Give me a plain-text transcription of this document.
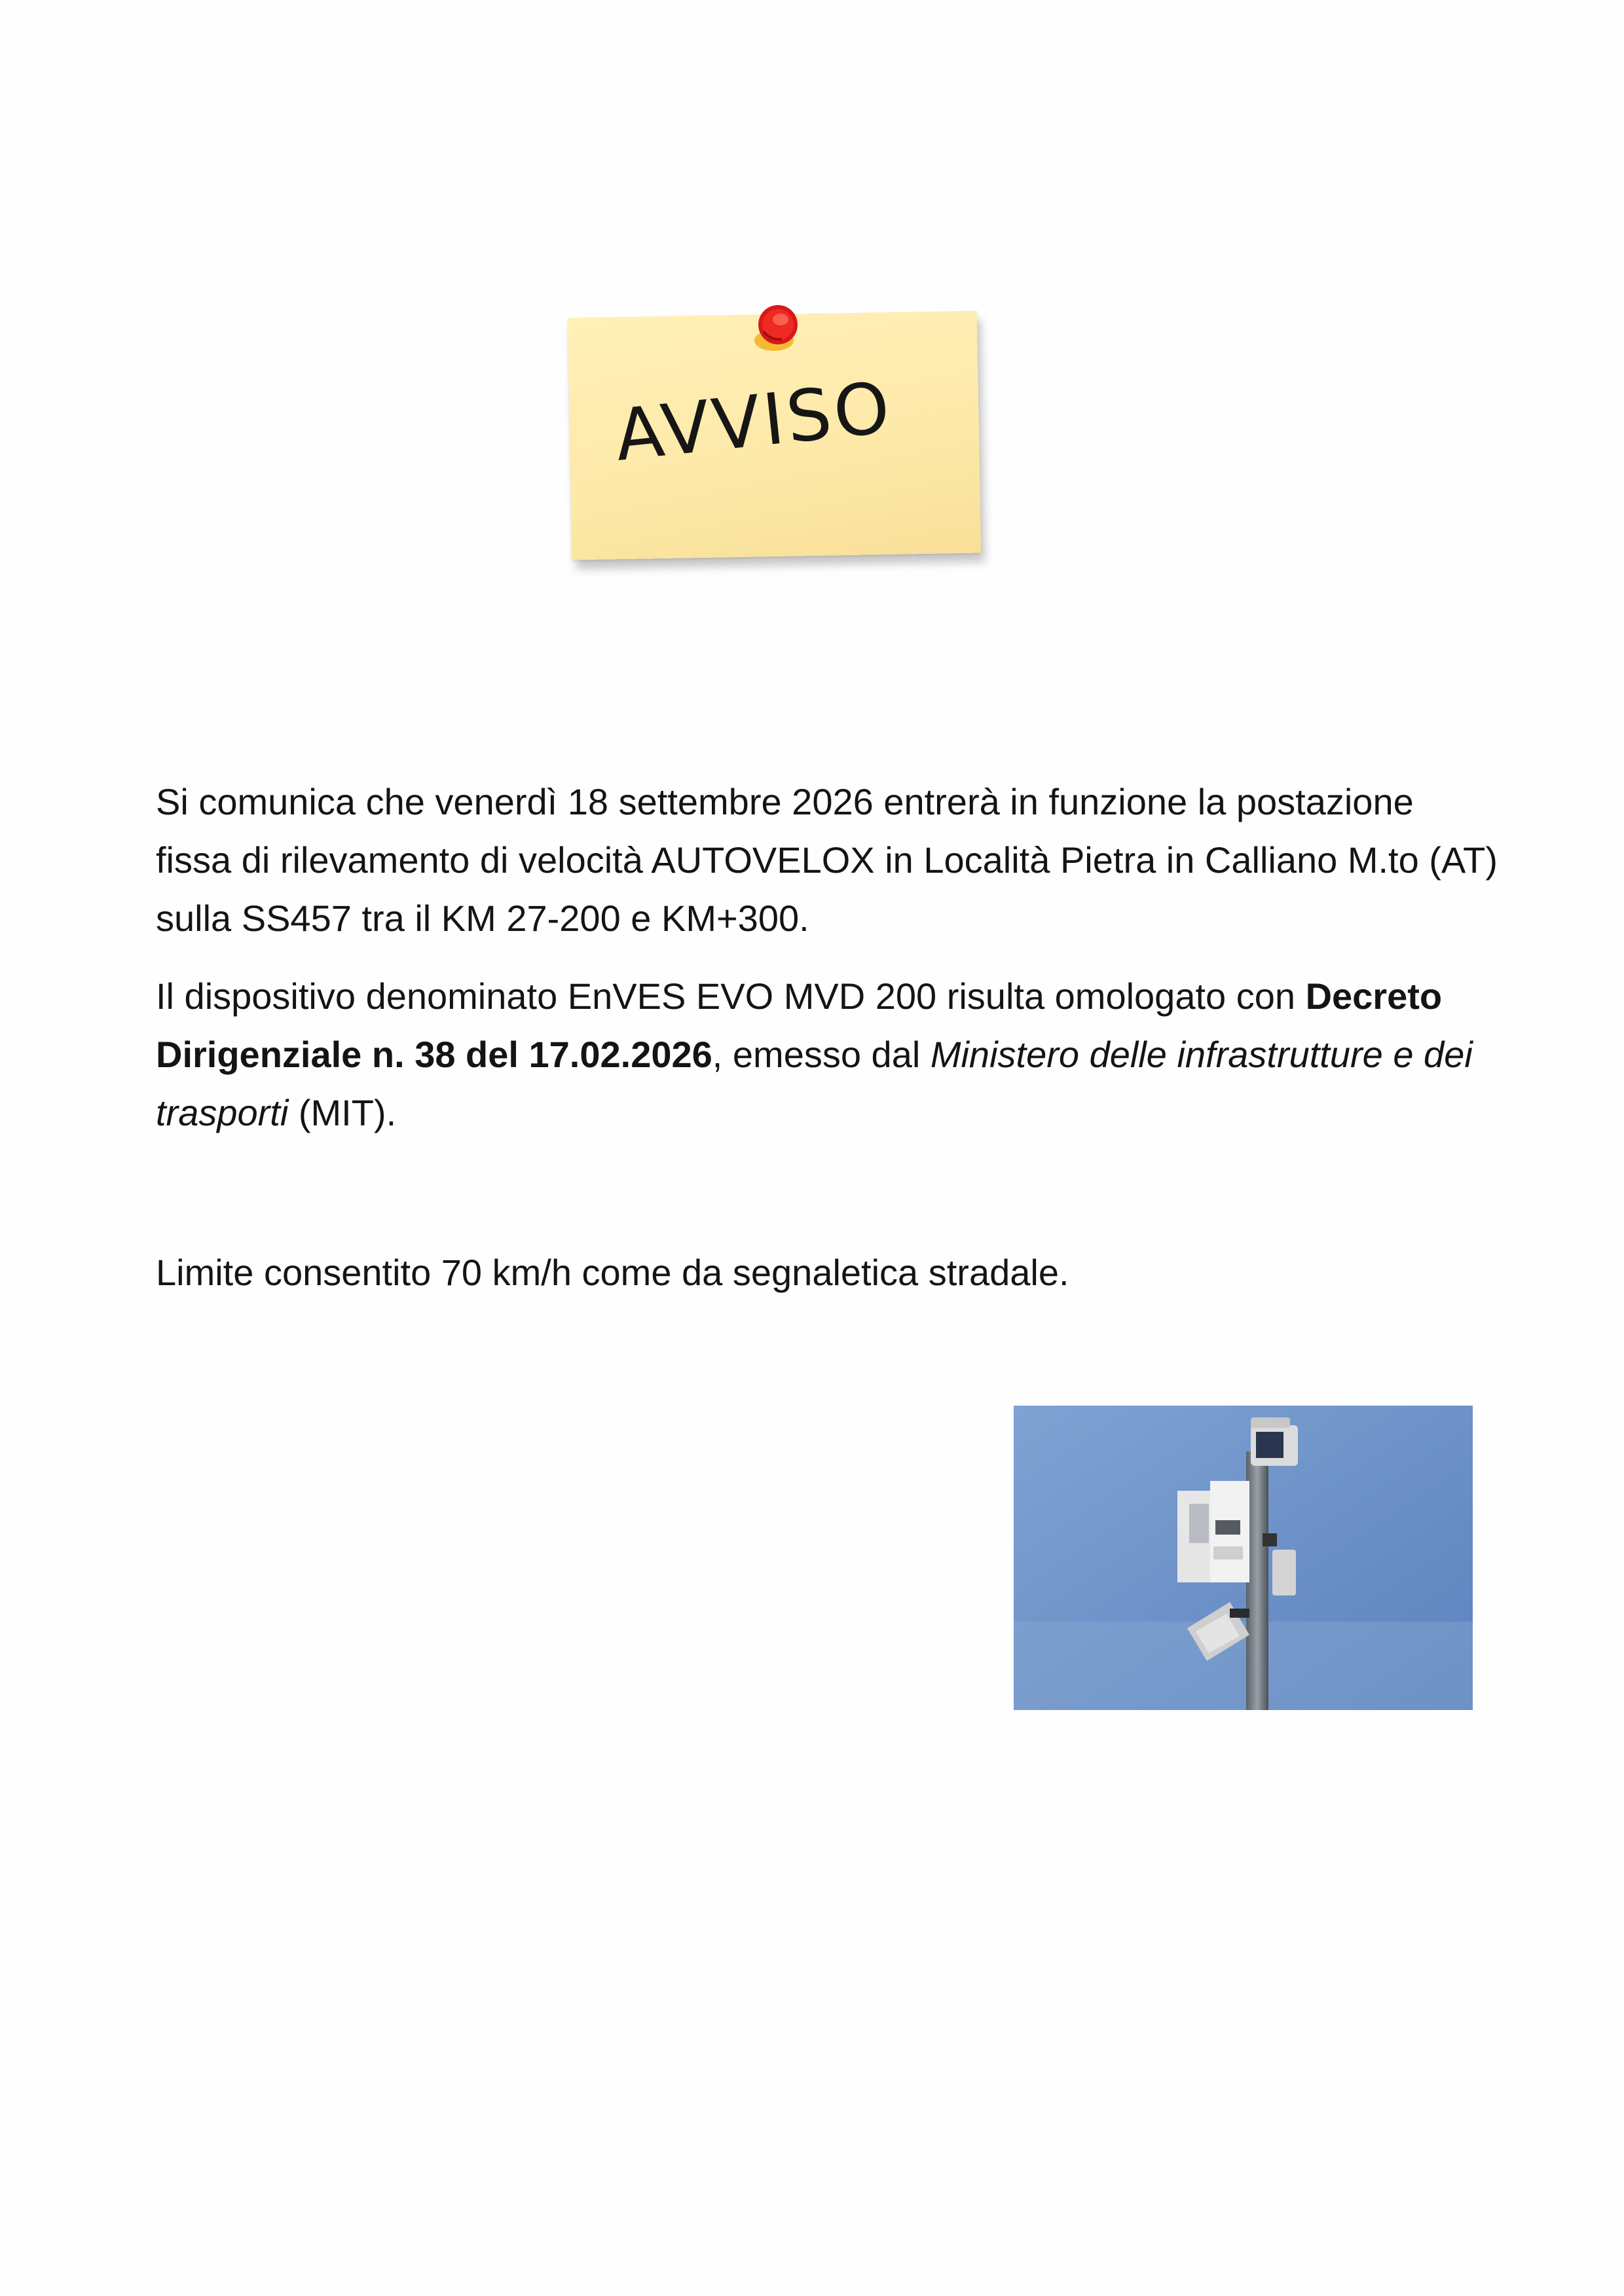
AVVISO

Si comunica che venerdì 18 settembre 2026 entrerà in funzione la postazione fissa di rilevamento di velocità AUTOVELOX in Località Pietra in Calliano M.to (AT) sulla SS457 tra il KM 27-200 e KM+300.

Il dispositivo denominato EnVES EVO MVD 200 risulta omologato con Decreto Dirigenziale n. 38 del 17.02.2026, emesso dal Ministero delle infrastrutture e dei trasporti (MIT).

Limite consentito 70 km/h come da segnaletica stradale.
